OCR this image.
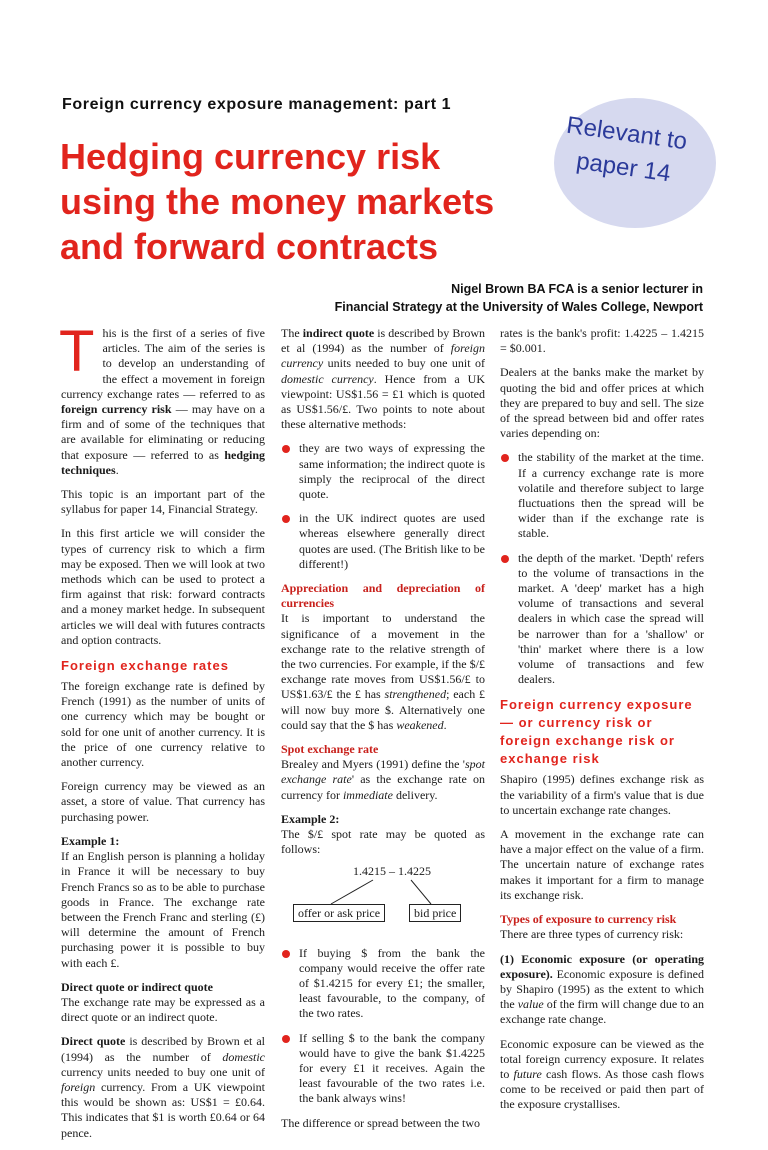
Foreign currency exposure management: part 1
Hedging currency risk
using the money markets
and forward contracts
Relevant to
paper 14
Nigel Brown BA FCA is a senior lecturer in
Financial Strategy at the University of Wales College, Newport

This is the first of a series of five articles. The aim of the series is to develop an understanding of the effect a movement in foreign currency exchange rates — referred to as foreign currency risk — may have on a firm and of some of the techniques that are available for eliminating or reducing that exposure — referred to as hedging techniques.

This topic is an important part of the syllabus for paper 14, Financial Strategy.

In this first article we will consider the types of currency risk to which a firm may be exposed. Then we will look at two methods which can be used to protect a firm against that risk: forward contracts and a money market hedge. In subsequent articles we will deal with futures contracts and option contracts.

Foreign exchange rates

The foreign exchange rate is defined by French (1991) as the number of units of one currency which may be bought or sold for one unit of another currency. It is the price of one currency relative to another currency.

Foreign currency may be viewed as an asset, a store of value. That currency has purchasing power.

Example 1:

If an English person is planning a holiday in France it will be necessary to buy French Francs so as to be able to purchase goods in France. The exchange rate between the French Franc and sterling (£) will determine the amount of French purchasing power it is possible to buy with each £.

Direct quote or indirect quote

The exchange rate may be expressed as a direct quote or an indirect quote.

Direct quote is described by Brown et al (1994) as the number of domestic currency units needed to buy one unit of foreign currency. From a UK viewpoint this would be shown as: US$1 = £0.64. This indicates that $1 is worth £0.64 or 64 pence.

The indirect quote is described by Brown et al (1994) as the number of foreign currency units needed to buy one unit of domestic currency. Hence from a UK viewpoint: US$1.56 = £1 which is quoted as US$1.56/£. Two points to note about these alternative methods:

they are two ways of expressing the same information; the indirect quote is simply the reciprocal of the direct quote.
in the UK indirect quotes are used whereas elsewhere generally direct quotes are used. (The British like to be different!)
Appreciation and depreciation of currencies

It is important to understand the significance of a movement in the exchange rate to the relative strength of the two currencies. For example, if the $/£ exchange rate moves from US$1.56/£ to US$1.63/£ the £ has strengthened; each £ will now buy more $. Alternatively one could say that the $ has weakened.

Spot exchange rate

Brealey and Myers (1991) define the 'spot exchange rate' as the exchange rate on currency for immediate delivery.

Example 2:

The $/£ spot rate may be quoted as follows:

1.4215 – 1.4225
offer or ask price	bid price
If buying $ from the bank the company would receive the offer rate of $1.4215 for every £1; the smaller, least favourable, to the company, of the two rates.
If selling $ to the bank the company would have to give the bank $1.4225 for every £1 it receives. Again the least favourable of the two rates i.e. the bank always wins!

The difference or spread between the two

rates is the bank's profit: 1.4225 – 1.4215 = $0.001.

Dealers at the banks make the market by quoting the bid and offer prices at which they are prepared to buy and sell. The size of the spread between bid and offer rates varies depending on:

the stability of the market at the time. If a currency exchange rate is more volatile and therefore subject to large fluctuations then the spread will be wider than if the exchange rate is stable.
the depth of the market. 'Depth' refers to the volume of transactions in the market. A 'deep' market has a high volume of transactions and several dealers in which case the spread will be narrower than for a 'shallow' or 'thin' market where there is a low volume of transactions and few dealers.
Foreign currency exposure — or currency risk or foreign exchange risk or exchange risk

Shapiro (1995) defines exchange risk as the variability of a firm's value that is due to uncertain exchange rate changes.

A movement in the exchange rate can have a major effect on the value of a firm. The uncertain nature of exchange rates makes it important for a firm to manage its exchange risk.

Types of exposure to currency risk

There are three types of currency risk:

(1) Economic exposure (or operating exposure). Economic exposure is defined by Shapiro (1995) as the extent to which the value of the firm will change due to an exchange rate change.

Economic exposure can be viewed as the total foreign currency exposure. It relates to future cash flows. As those cash flows come to be received or paid then part of the exposure crystallises.
